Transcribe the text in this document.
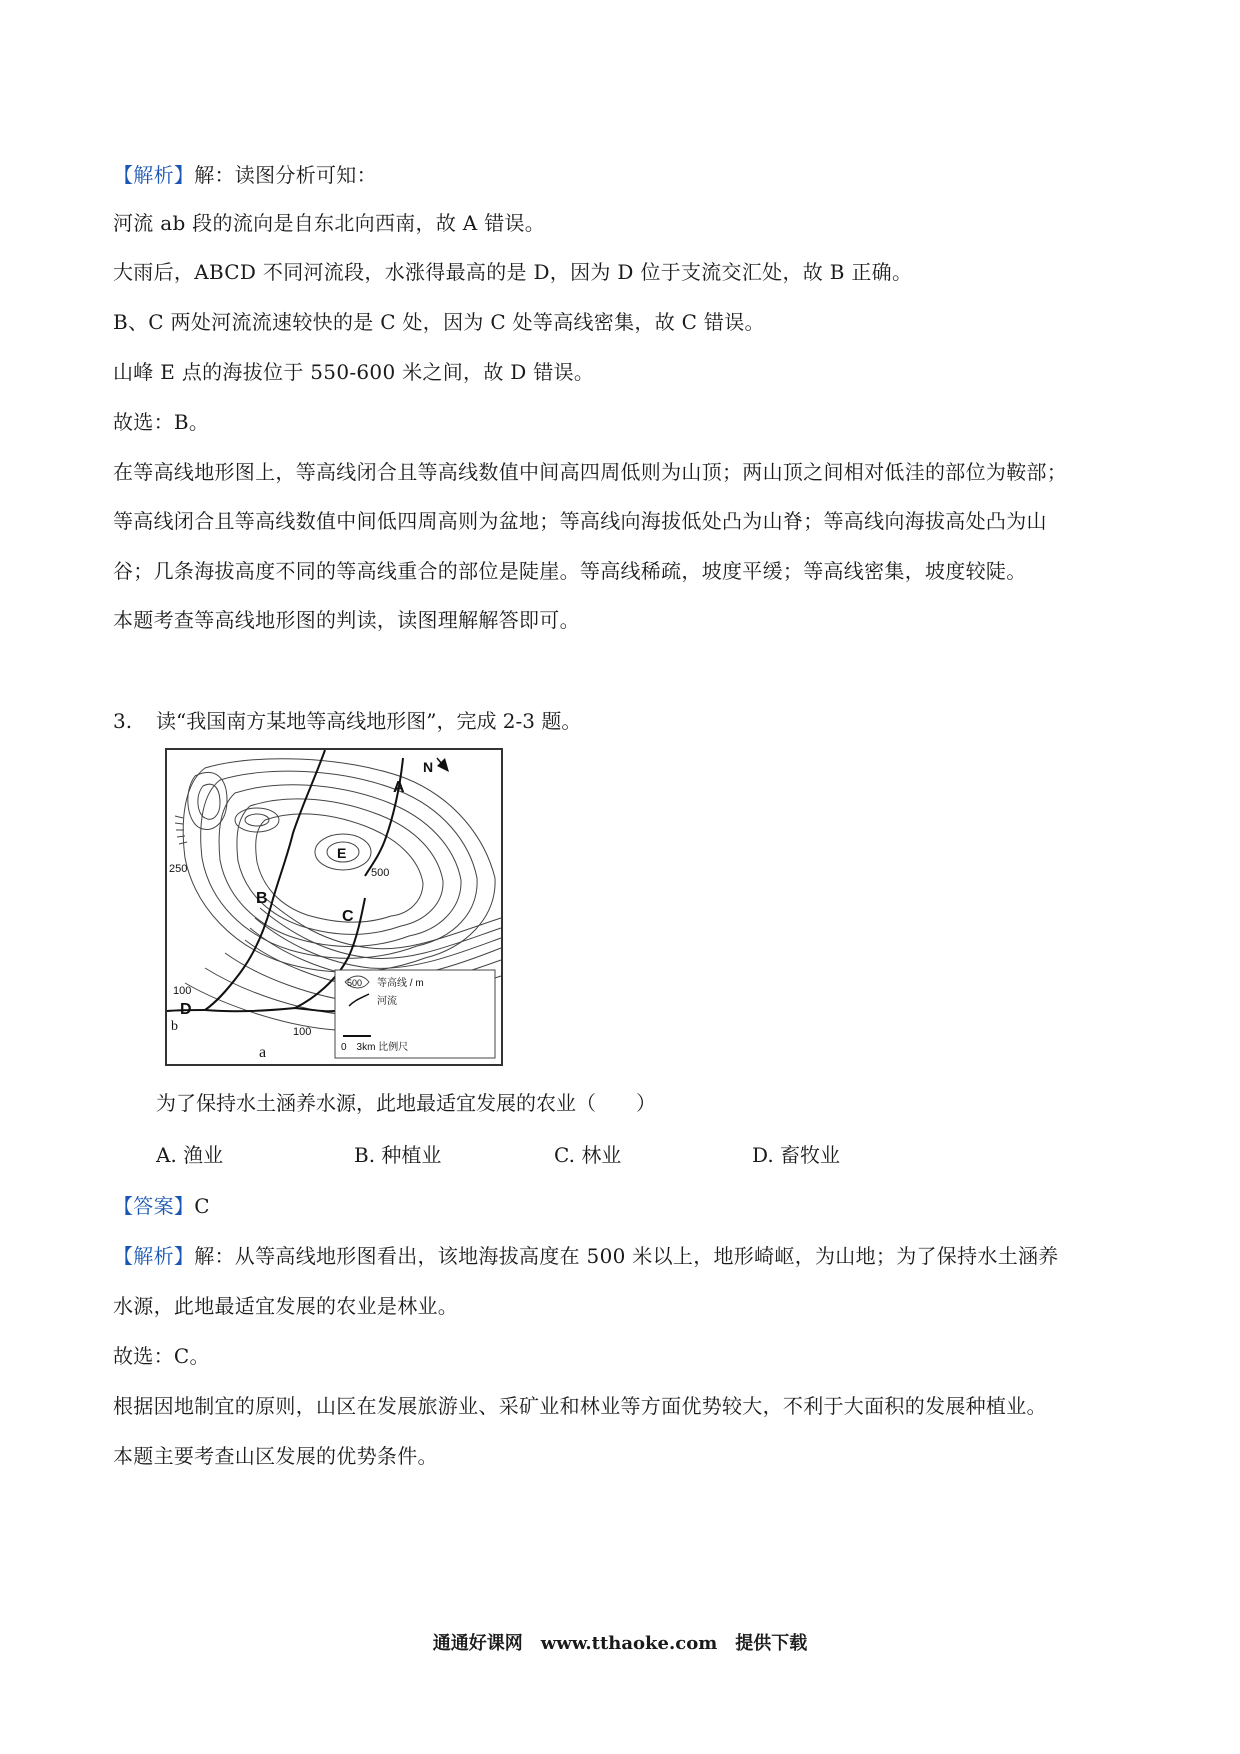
【解析】解：读图分析可知：
河流 ab 段的流向是自东北向西南，故 A 错误。
大雨后，ABCD 不同河流段，水涨得最高的是 D，因为 D 位于支流交汇处，故 B 正确。
B、C 两处河流流速较快的是 C 处，因为 C 处等高线密集，故 C 错误。
山峰 E 点的海拔位于 550-600 米之间，故 D 错误。
故选：B。
在等高线地形图上，等高线闭合且等高线数值中间高四周低则为山顶；两山顶之间相对低洼的部位为鞍部；
等高线闭合且等高线数值中间低四周高则为盆地；等高线向海拔低处凸为山脊；等高线向海拔高处凸为山
谷；几条海拔高度不同的等高线重合的部位是陡崖。等高线稀疏，坡度平缓；等高线密集，坡度较陡。
本题考查等高线地形图的判读，读图理解解答即可。
3. 读“我国南方某地等高线地形图”，完成 2-3 题。
A
B
C
D
E
N
a
b
250	500
100
100
500 等高线 / m
河流
0　3km 比例尺
为了保持水土涵养水源，此地最适宜发展的农业（　　）
A. 渔业	B. 种植业	C. 林业	D. 畜牧业
【答案】C
【解析】解：从等高线地形图看出，该地海拔高度在 500 米以上，地形崎岖，为山地；为了保持水土涵养
水源，此地最适宜发展的农业是林业。
故选：C。
根据因地制宜的原则，山区在发展旅游业、采矿业和林业等方面优势较大，不利于大面积的发展种植业。
本题主要考查山区发展的优势条件。
通通好课网　www.tthaoke.com　提供下载
